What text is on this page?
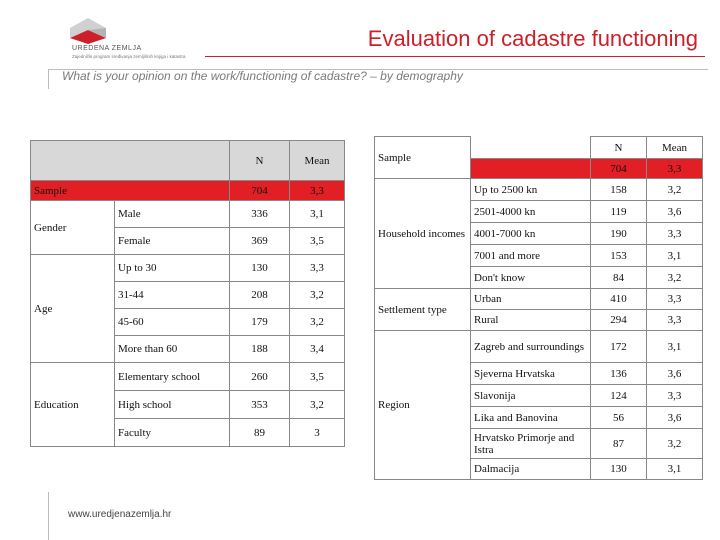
UREDENA ZEMLJA
Zajednički program sređivanja zemljišnih knjiga i katastra
Evaluation of cadastre functioning
What is your opinion on the work/functioning of cadastre? – by demography
		N	Mean
Sample		704	3,3
Gender	Male	336	3,1
	Female	369	3,5
Age	Up to 30	130	3,3
	31-44	208	3,2
	45-60	179	3,2
	More than 60	188	3,4
Education	Elementary school	260	3,5
	High school	353	3,2
	Faculty	89	3
Sample		N	Mean
		704	3,3
Household incomes	Up to 2500 kn	158	3,2
	2501-4000 kn	119	3,6
	4001-7000 kn	190	3,3
	7001 and more	153	3,1
	Don't know	84	3,2
Settlement type	Urban	410	3,3
	Rural	294	3,3
Region	Zagreb and surroundings	172	3,1
	Sjeverna Hrvatska	136	3,6
	Slavonija	124	3,3
	Lika and Banovina	56	3,6
	Hrvatsko Primorje and Istra	87	3,2
	Dalmacija	130	3,1
www.uredjenazemlja.hr
